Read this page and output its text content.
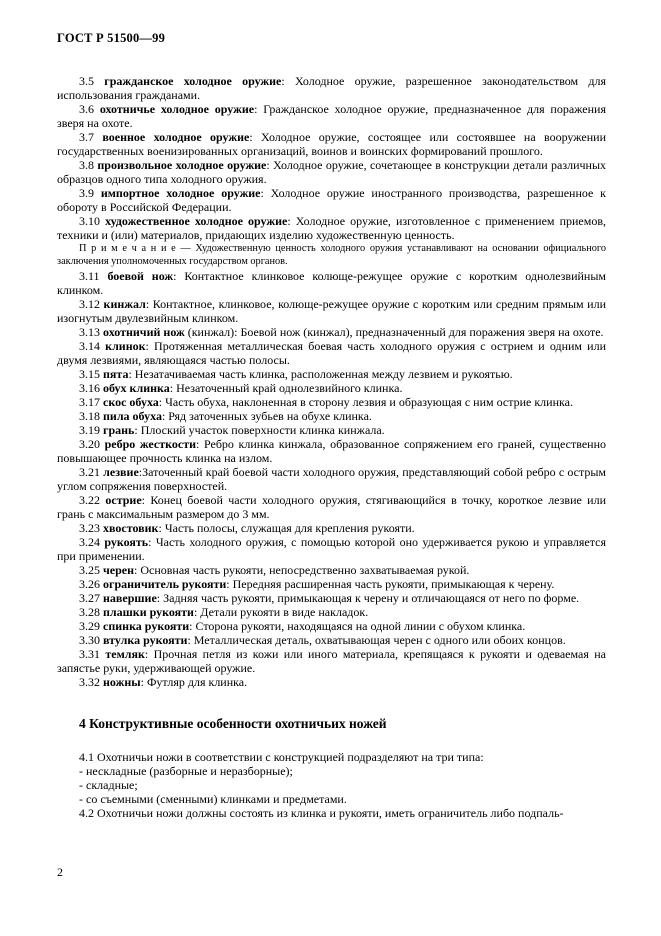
ГОСТ Р 51500—99

3.5 гражданское холодное оружие: Холодное оружие, разрешенное законодательством для использования гражданами.

3.6 охотничье холодное оружие: Гражданское холодное оружие, предназначенное для поражения зверя на охоте.

3.7 военное холодное оружие: Холодное оружие, состоящее или состоявшее на вооружении государственных военизированных организаций, воинов и воинских формирований прошлого.

3.8 произвольное холодное оружие: Холодное оружие, сочетающее в конструкции детали различных образцов одного типа холодного оружия.

3.9 импортное холодное оружие: Холодное оружие иностранного производства, разрешенное к обороту в Российской Федерации.

3.10 художественное холодное оружие: Холодное оружие, изготовленное с применением приемов, техники и (или) материалов, придающих изделию художественную ценность.

П р и м е ч а н и е — Художественную ценность холодного оружия устанавливают на основании официального заключения уполномоченных государством органов.

3.11 боевой нож: Контактное клинковое колюще-режущее оружие с коротким однолезвийным клинком.

3.12 кинжал: Контактное, клинковое, колюще-режущее оружие с коротким или средним прямым или изогнутым двулезвийным клинком.

3.13 охотничий нож (кинжал): Боевой нож (кинжал), предназначенный для поражения зверя на охоте.

3.14 клинок: Протяженная металлическая боевая часть холодного оружия с острием и одним или двумя лезвиями, являющаяся частью полосы.

3.15 пята: Незатачиваемая часть клинка, расположенная между лезвием и рукоятью.

3.16 обух клинка: Незаточенный край однолезвийного клинка.

3.17 скос обуха: Часть обуха, наклоненная в сторону лезвия и образующая с ним острие клинка.

3.18 пила обуха: Ряд заточенных зубьев на обухе клинка.

3.19 грань: Плоский участок поверхности клинка кинжала.

3.20 ребро жесткости: Ребро клинка кинжала, образованное сопряжением его граней, существенно повышающее прочность клинка на излом.

3.21 лезвие:Заточенный край боевой части холодного оружия, представляющий собой ребро с острым углом сопряжения поверхностей.

3.22 острие: Конец боевой части холодного оружия, стягивающийся в точку, короткое лезвие или грань с максимальным размером до 3 мм.

3.23 хвостовик: Часть полосы, служащая для крепления рукояти.

3.24 рукоять: Часть холодного оружия, с помощью которой оно удерживается рукою и управляется при применении.

3.25 черен: Основная часть рукояти, непосредственно захватываемая рукой.

3.26 ограничитель рукояти: Передняя расширенная часть рукояти, примыкающая к черену.

3.27 навершие: Задняя часть рукояти, примыкающая к черену и отличающаяся от него по форме.

3.28 плашки рукояти: Детали рукояти в виде накладок.

3.29 спинка рукояти: Сторона рукояти, находящаяся на одной линии с обухом клинка.

3.30 втулка рукояти: Металлическая деталь, охватывающая черен с одного или обоих концов.

3.31 темляк: Прочная петля из кожи или иного материала, крепящаяся к рукояти и одеваемая на запястье руки, удерживающей оружие.

3.32 ножны: Футляр для клинка.

4 Конструктивные особенности охотничьих ножей

4.1 Охотничьи ножи в соответствии с конструкцией подразделяют на три типа:

- нескладные (разборные и неразборные);

- складные;

- со съемными (сменными) клинками и предметами.

4.2 Охотничьи ножи должны состоять из клинка и рукояти, иметь ограничитель либо подпаль-

2
